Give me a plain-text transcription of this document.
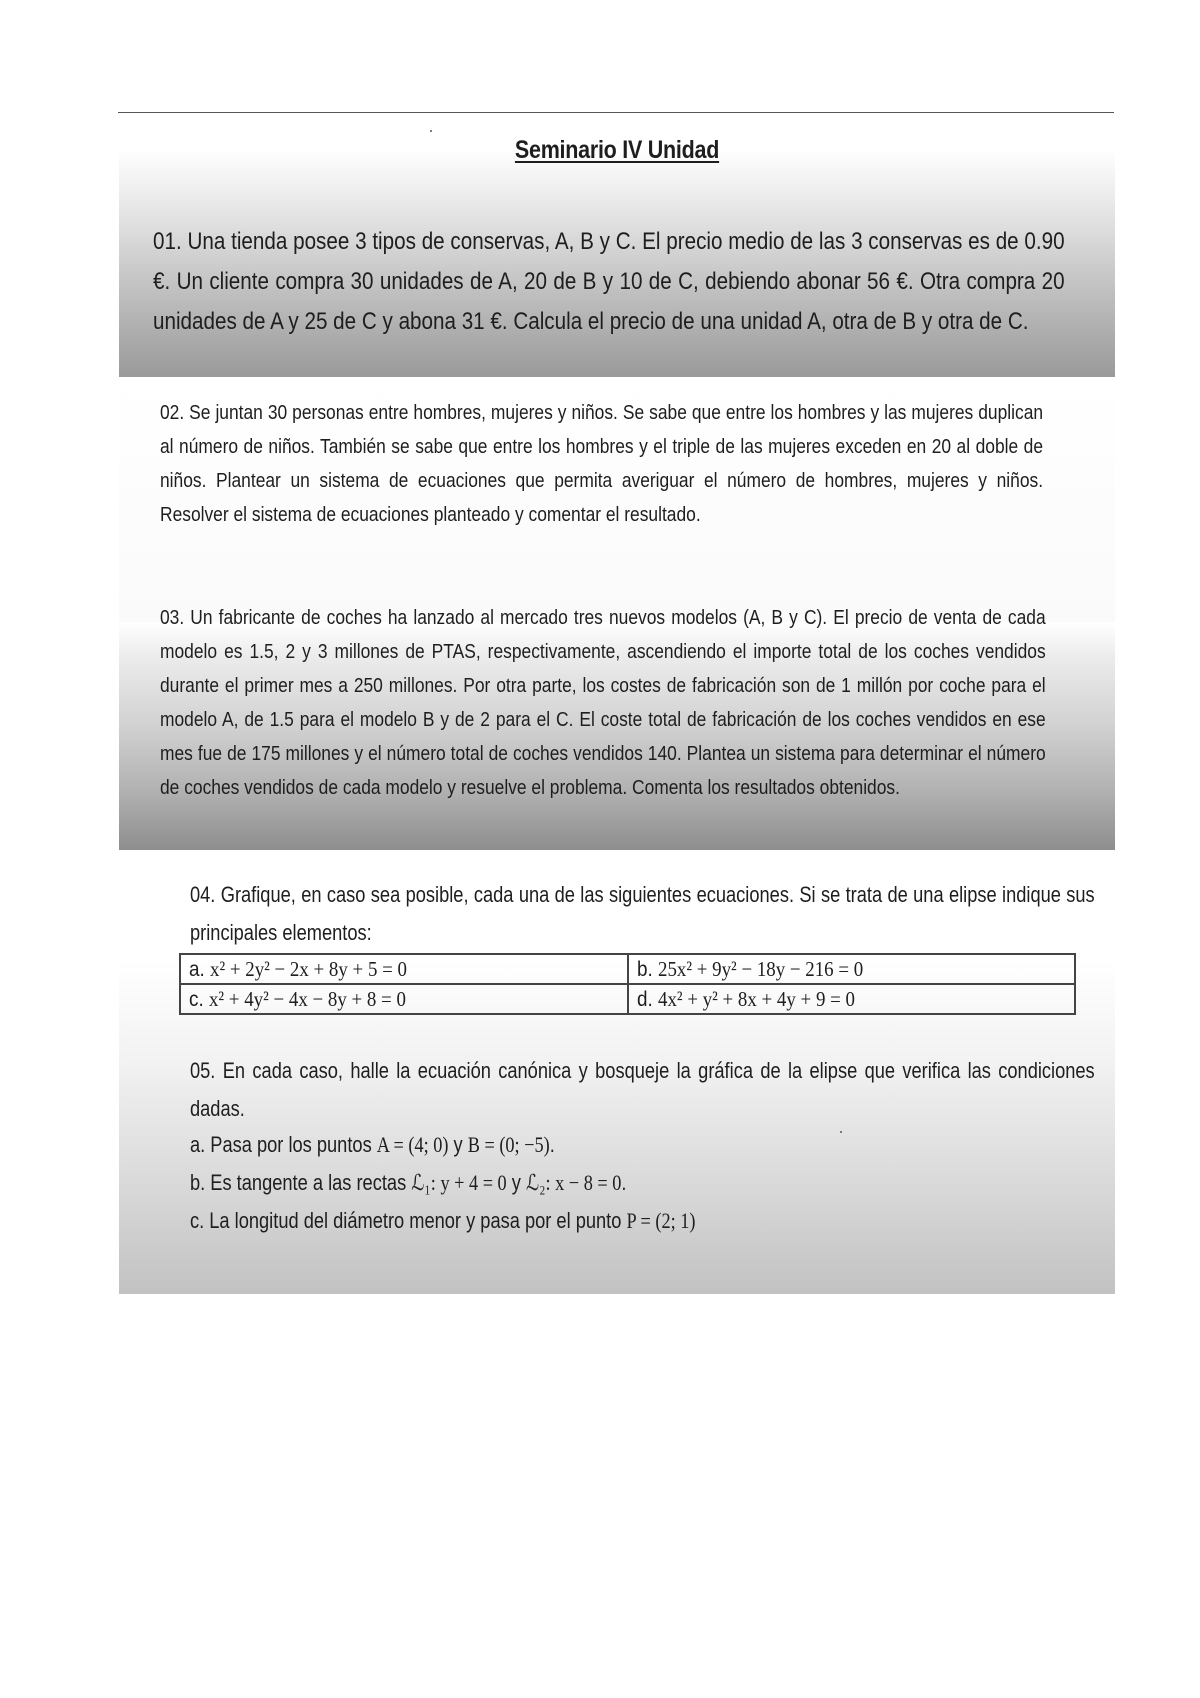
Seminario IV Unidad

01. Una tienda posee 3 tipos de conservas, A, B y C. El precio medio de las 3 conservas es de 0.90 €. Un cliente compra 30 unidades de A, 20 de B y 10 de C, debiendo abonar 56 €. Otra compra 20 unidades de A y 25 de C y abona 31 €. Calcula el precio de una unidad A, otra de B y otra de C.

02. Se juntan 30 personas entre hombres, mujeres y niños. Se sabe que entre los hombres y las mujeres duplican al número de niños. También se sabe que entre los hombres y el triple de las mujeres exceden en 20 al doble de niños. Plantear un sistema de ecuaciones que permita averiguar el número de hombres, mujeres y niños. Resolver el sistema de ecuaciones planteado y comentar el resultado.

03. Un fabricante de coches ha lanzado al mercado tres nuevos modelos (A, B y C). El precio de venta de cada modelo es 1.5, 2 y 3 millones de PTAS, respectivamente, ascendiendo el importe total de los coches vendidos durante el primer mes a 250 millones. Por otra parte, los costes de fabricación son de 1 millón por coche para el modelo A, de 1.5 para el modelo B y de 2 para el C. El coste total de fabricación de los coches vendidos en ese mes fue de 175 millones y el número total de coches vendidos 140. Plantea un sistema para determinar el número de coches vendidos de cada modelo y resuelve el problema. Comenta los resultados obtenidos.

04. Grafique, en caso sea posible, cada una de las siguientes ecuaciones. Si se trata de una elipse indique sus principales elementos:

a. x² + 2y² − 2x + 8y + 5 = 0	b. 25x² + 9y² − 18y − 216 = 0
c. x² + 4y² − 4x − 8y + 8 = 0	d. 4x² + y² + 8x + 4y + 9 = 0

05. En cada caso, halle la ecuación canónica y bosqueje la gráfica de la elipse que verifica las condiciones dadas.

a. Pasa por los puntos A = (4; 0) y B = (0; −5).
b. Es tangente a las rectas ℒ₁: y + 4 = 0 y ℒ₂: x − 8 = 0.
c. La longitud del diámetro menor y pasa por el punto P = (2; 1)
